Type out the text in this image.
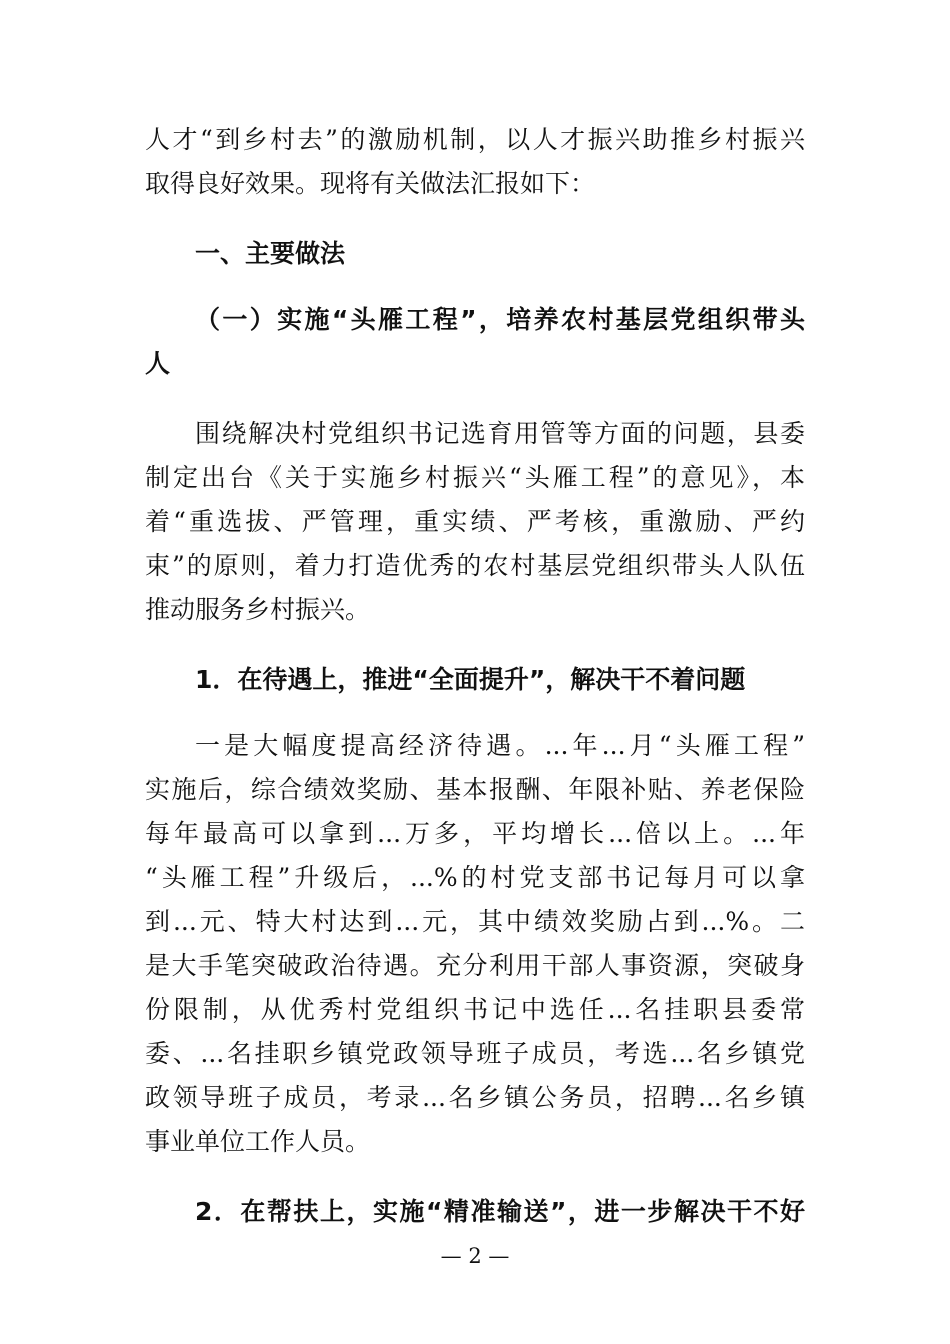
人才“到乡村去”的激励机制，以人才振兴助推乡村振兴
取得良好效果。现将有关做法汇报如下：
一、主要做法
（一）实施“头雁工程”，培养农村基层党组织带头
人
围绕解决村党组织书记选育用管等方面的问题，县委
制定出台《关于实施乡村振兴“头雁工程”的意见》，本
着“重选拔、严管理，重实绩、严考核，重激励、严约
束”的原则，着力打造优秀的农村基层党组织带头人队伍
推动服务乡村振兴。
1．在待遇上，推进“全面提升”，解决干不着问题
一是大幅度提高经济待遇。...年...月“头雁工程”
实施后，综合绩效奖励、基本报酬、年限补贴、养老保险
每年最高可以拿到...万多，平均增长...倍以上。...年
“头雁工程”升级后，...%的村党支部书记每月可以拿
到...元、特大村达到...元，其中绩效奖励占到...%。二
是大手笔突破政治待遇。充分利用干部人事资源，突破身
份限制，从优秀村党组织书记中选任...名挂职县委常
委、...名挂职乡镇党政领导班子成员，考选...名乡镇党
政领导班子成员，考录...名乡镇公务员，招聘...名乡镇
事业单位工作人员。
2．在帮扶上，实施“精准输送”，进一步解决干不好
— 2 —
